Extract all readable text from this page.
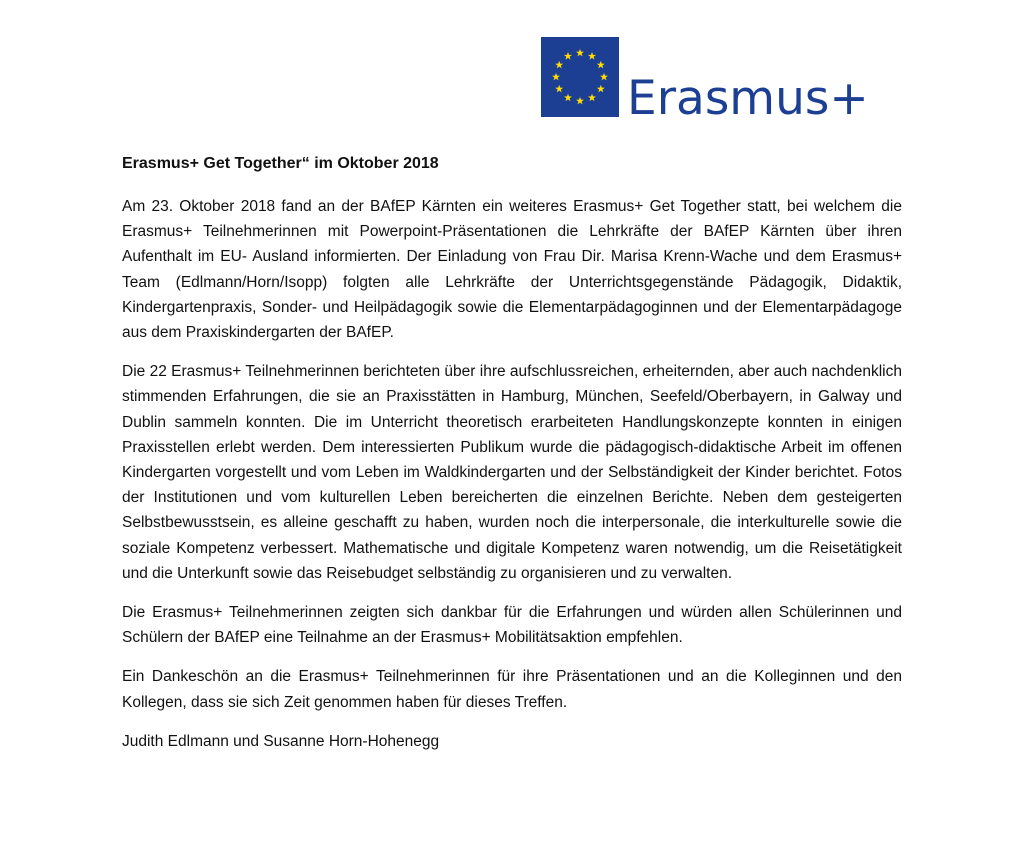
Erasmus+

Erasmus+ Get Together“ im Oktober 2018

Am 23. Oktober 2018 fand an der BAfEP Kärnten ein weiteres Erasmus+ Get Together statt, bei welchem die Erasmus+ Teilnehmerinnen mit Powerpoint-Präsentationen die Lehrkräfte der BAfEP Kärnten über ihren Aufenthalt im EU- Ausland informierten. Der Einladung von Frau Dir. Marisa Krenn-Wache und dem Erasmus+ Team (Edlmann/Horn/Isopp) folgten alle Lehrkräfte der Unterrichtsgegenstände Pädagogik, Didaktik, Kindergartenpraxis, Sonder- und Heilpädagogik sowie die Elementarpädagoginnen und der Elementarpädagoge aus dem Praxiskindergarten der BAfEP.

Die 22 Erasmus+ Teilnehmerinnen berichteten über ihre aufschlussreichen, erheiternden, aber auch nachdenklich stimmenden Erfahrungen, die sie an Praxisstätten in Hamburg, München, Seefeld/Oberbayern, in Galway und Dublin sammeln konnten. Die im Unterricht theoretisch erarbeiteten Handlungskonzepte konnten in einigen Praxisstellen erlebt werden. Dem interessierten Publikum wurde die pädagogisch-didaktische Arbeit im offenen Kindergarten vorgestellt und vom Leben im Waldkindergarten und der Selbständigkeit der Kinder berichtet. Fotos der Institutionen und vom kulturellen Leben bereicherten die einzelnen Berichte. Neben dem gesteigerten Selbstbewusstsein, es alleine geschafft zu haben, wurden noch die interpersonale, die interkulturelle sowie die soziale Kompetenz verbessert. Mathematische und digitale Kompetenz waren notwendig, um die Reisetätigkeit und die Unterkunft sowie das Reisebudget selbständig zu organisieren und zu verwalten.

Die Erasmus+ Teilnehmerinnen zeigten sich dankbar für die Erfahrungen und würden allen Schülerinnen und Schülern der BAfEP eine Teilnahme an der Erasmus+ Mobilitätsaktion empfehlen.

Ein Dankeschön an die Erasmus+ Teilnehmerinnen für ihre Präsentationen und an die Kolleginnen und den Kollegen, dass sie sich Zeit genommen haben für dieses Treffen.

Judith Edlmann und Susanne Horn-Hohenegg
